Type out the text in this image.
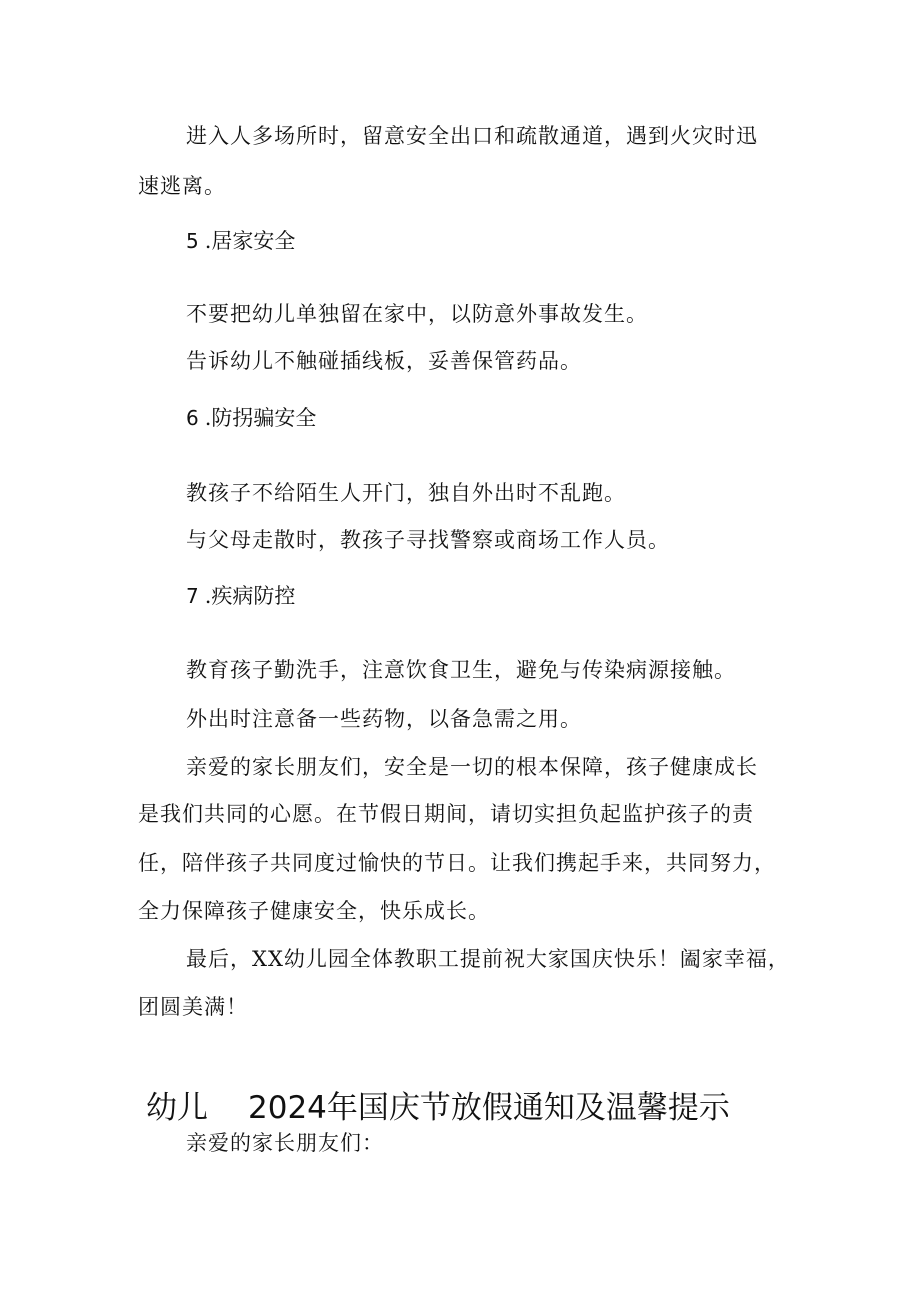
进入人多场所时，留意安全出口和疏散通道，遇到火灾时迅
速逃离。
5 .居家安全
不要把幼儿单独留在家中，以防意外事故发生。
告诉幼儿不触碰插线板，妥善保管药品。
6 .防拐骗安全
教孩子不给陌生人开门，独自外出时不乱跑。
与父母走散时，教孩子寻找警察或商场工作人员。
7 .疾病防控
教育孩子勤洗手，注意饮食卫生，避免与传染病源接触。
外出时注意备一些药物，以备急需之用。
亲爱的家长朋友们，安全是一切的根本保障，孩子健康成长
是我们共同的心愿。在节假日期间，请切实担负起监护孩子的责
任，陪伴孩子共同度过愉快的节日。让我们携起手来，共同努力，
全力保障孩子健康安全，快乐成长。
最后，XX幼儿园全体教职工提前祝大家国庆快乐！阖家幸福，
团圆美满！
幼儿 2024年国庆节放假通知及温馨提示
亲爱的家长朋友们：
